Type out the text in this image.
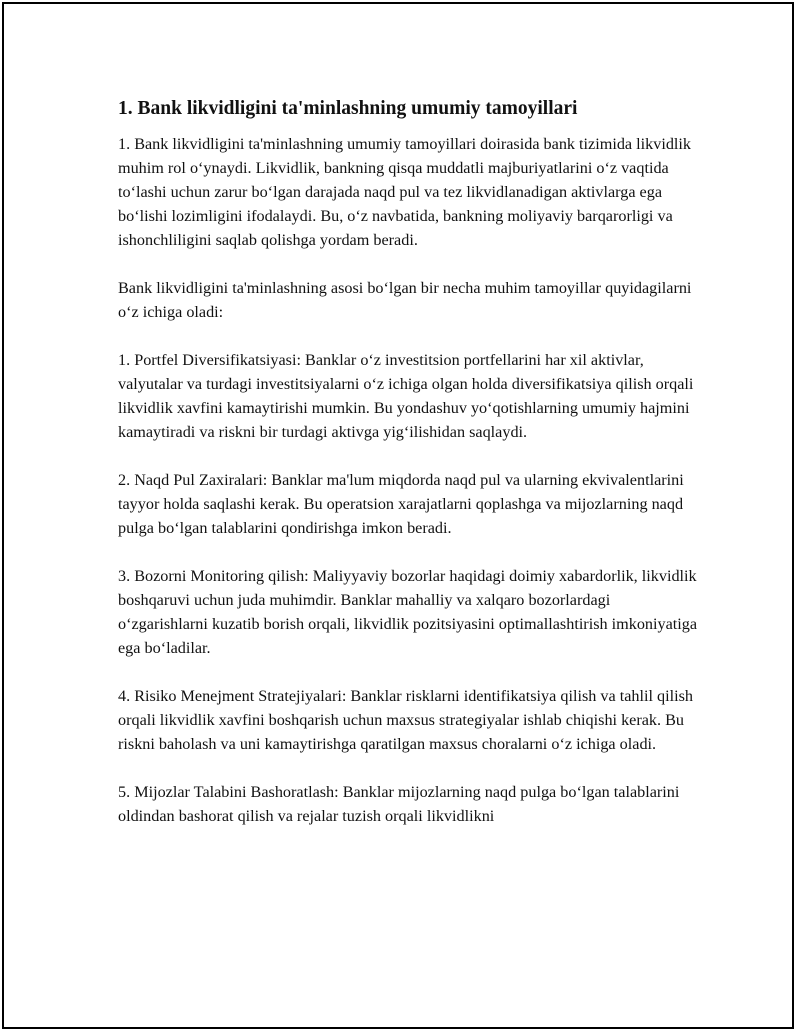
1. Bank likvidligini ta'minlashning umumiy tamoyillari

1. Bank likvidligini ta'minlashning umumiy tamoyillari doirasida bank tizimida likvidlik muhim rol o‘ynaydi. Likvidlik, bankning qisqa muddatli majburiyatlarini o‘z vaqtida to‘lashi uchun zarur bo‘lgan darajada naqd pul va tez likvidlanadigan aktivlarga ega bo‘lishi lozimligini ifodalaydi. Bu, o‘z navbatida, bankning moliyaviy barqarorligi va ishonchliligini saqlab qolishga yordam beradi.

Bank likvidligini ta'minlashning asosi bo‘lgan bir necha muhim tamoyillar quyidagilarni o‘z ichiga oladi:

1. Portfel Diversifikatsiyasi: Banklar o‘z investitsion portfellarini har xil aktivlar, valyutalar va turdagi investitsiyalarni o‘z ichiga olgan holda diversifikatsiya qilish orqali likvidlik xavfini kamaytirishi mumkin. Bu yondashuv yo‘qotishlarning umumiy hajmini kamaytiradi va riskni bir turdagi aktivga yig‘ilishidan saqlaydi.

2. Naqd Pul Zaxiralari: Banklar ma'lum miqdorda naqd pul va ularning ekvivalentlarini tayyor holda saqlashi kerak. Bu operatsion xarajatlarni qoplashga va mijozlarning naqd pulga bo‘lgan talablarini qondirishga imkon beradi.

3. Bozorni Monitoring qilish: Maliyyaviy bozorlar haqidagi doimiy xabardorlik, likvidlik boshqaruvi uchun juda muhimdir. Banklar mahalliy va xalqaro bozorlardagi o‘zgarishlarni kuzatib borish orqali, likvidlik pozitsiyasini optimallashtirish imkoniyatiga ega bo‘ladilar.

4. Risiko Menejment Stratejiyalari: Banklar risklarni identifikatsiya qilish va tahlil qilish orqali likvidlik xavfini boshqarish uchun maxsus strategiyalar ishlab chiqishi kerak. Bu riskni baholash va uni kamaytirishga qaratilgan maxsus choralarni o‘z ichiga oladi.

5. Mijozlar Talabini Bashoratlash: Banklar mijozlarning naqd pulga bo‘lgan talablarini oldindan bashorat qilish va rejalar tuzish orqali likvidlikni
